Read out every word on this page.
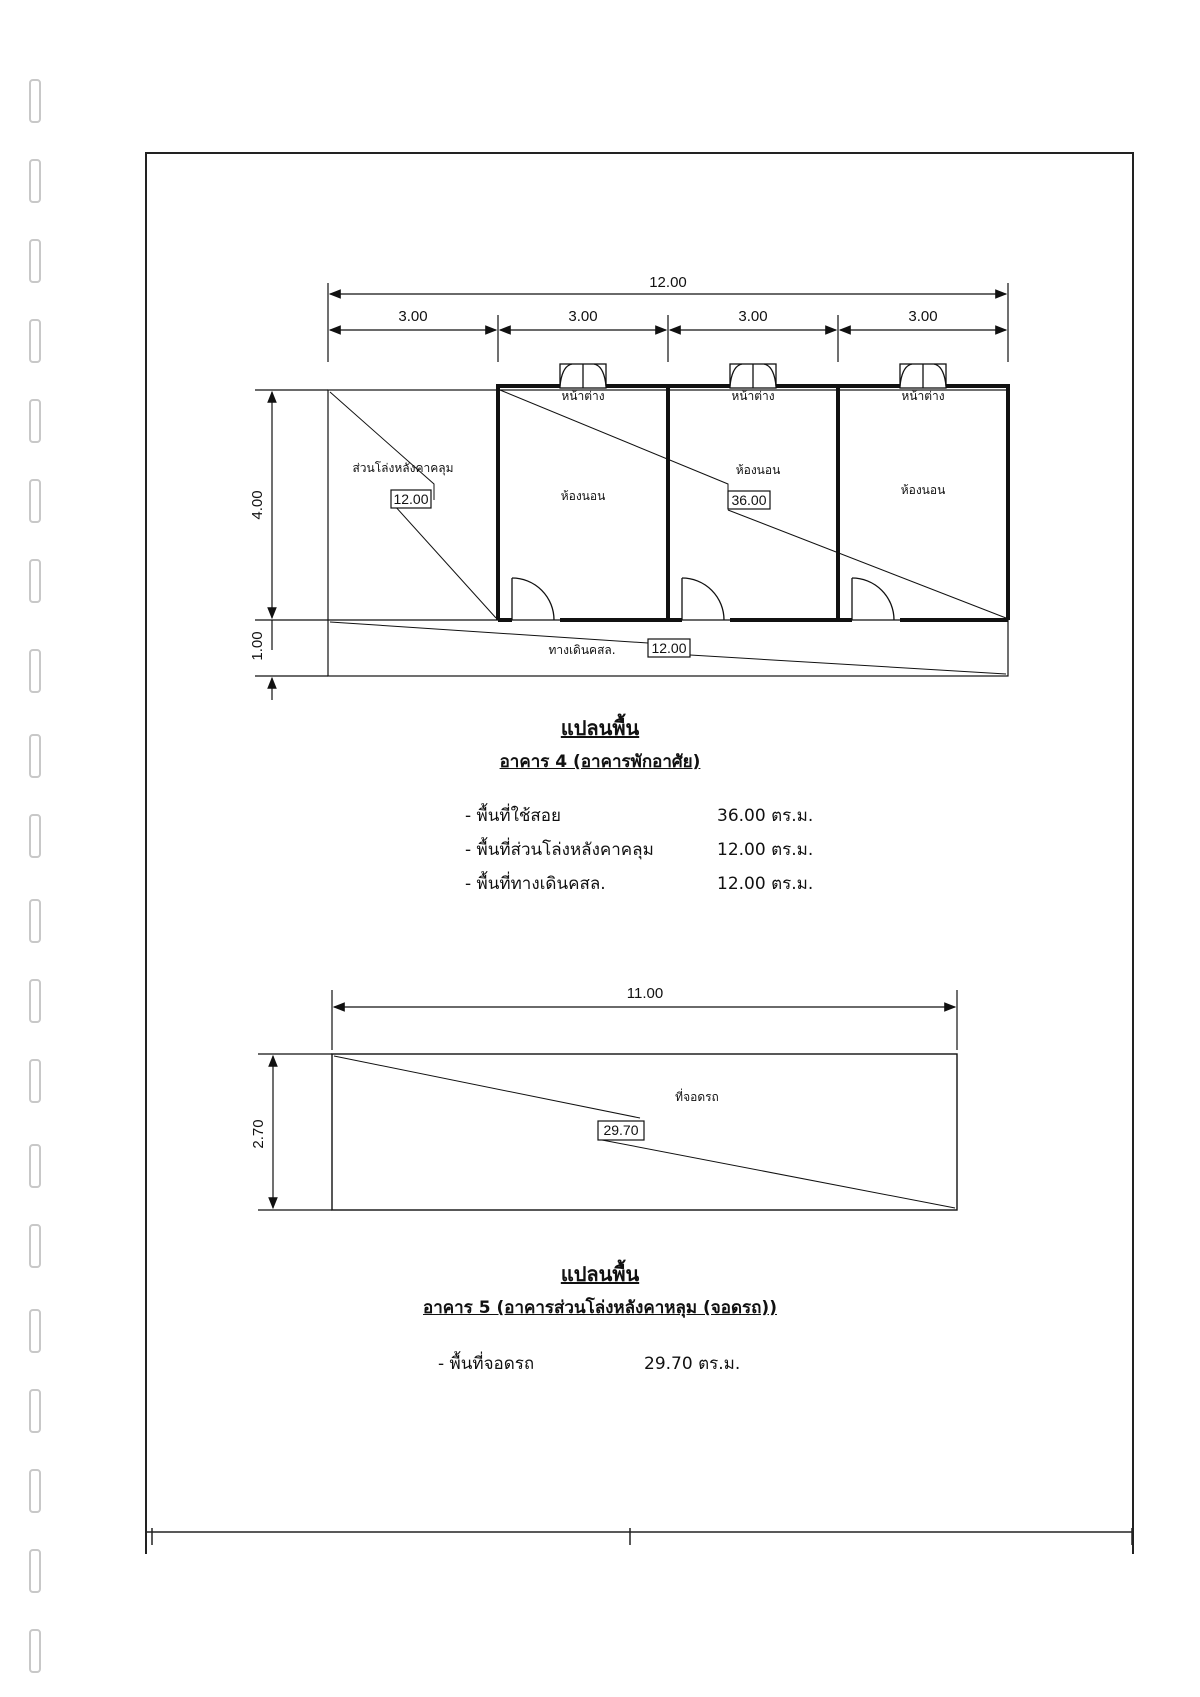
12.00
3.00	3.00	3.00	3.00
4.00
1.00
หน้าต่าง	หน้าต่าง	หน้าต่าง
ส่วนโล่งหลังคาคลุม
12.00	ห้องนอน
ห้องนอน
ห้องนอน
36.00
ทางเดินคสล.	12.00
11.00
2.70
ที่จอดรถ
29.70
แปลนพื้น
อาคาร 4 (อาคารพักอาศัย)
- พื้นที่ใช้สอย	36.00 ตร.ม.
- พื้นที่ส่วนโล่งหลังคาคลุม	12.00 ตร.ม.
- พื้นที่ทางเดินคสล.	12.00 ตร.ม.
แปลนพื้น
อาคาร 5 (อาคารส่วนโล่งหลังคาหลุม (จอดรถ))
- พื้นที่จอดรถ	29.70 ตร.ม.
